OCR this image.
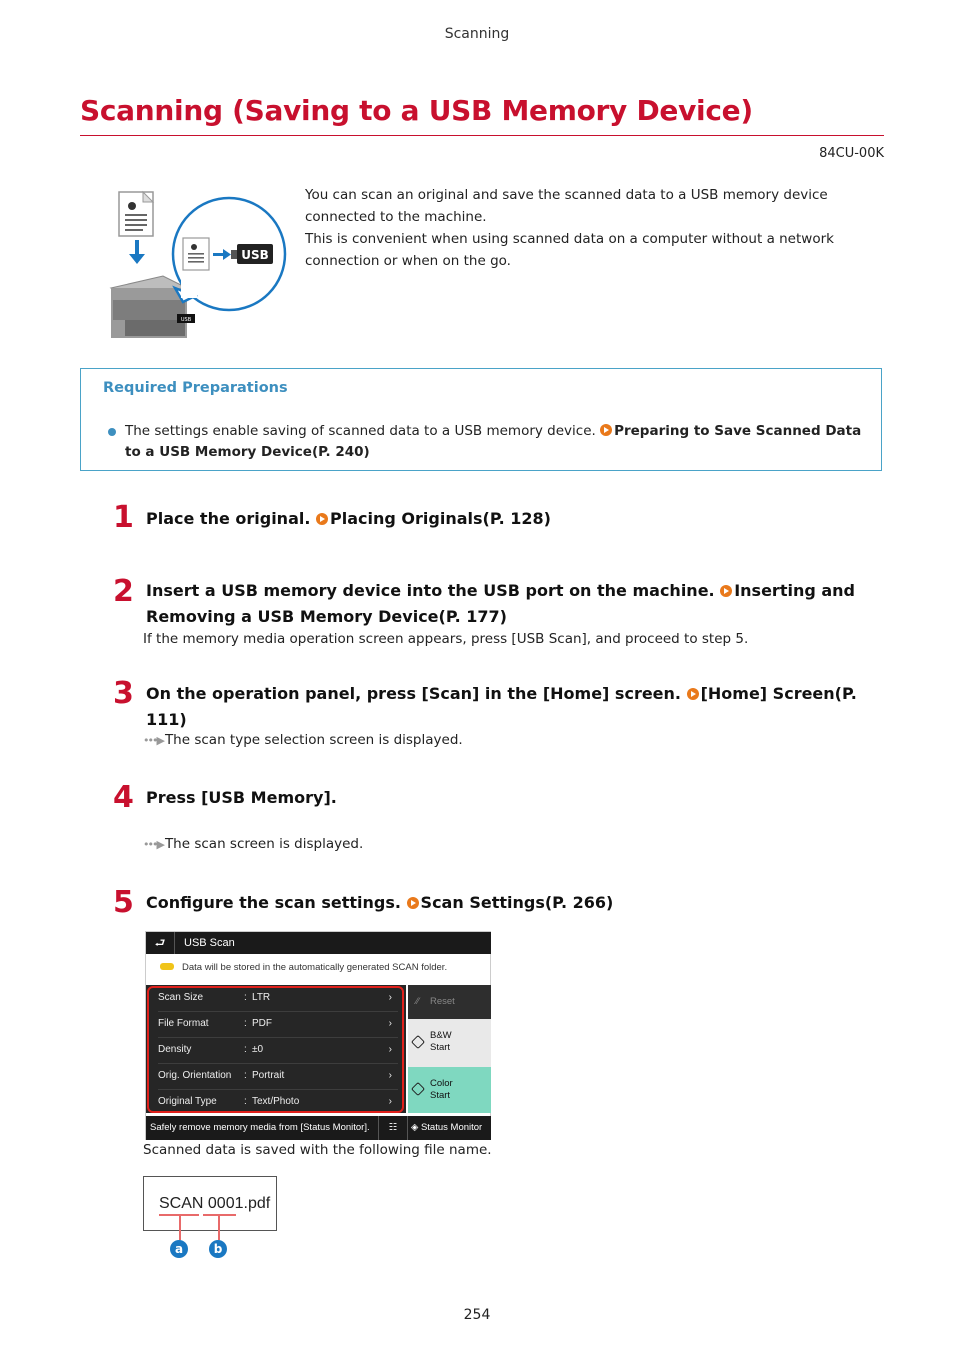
Scanning
Scanning (Saving to a USB Memory Device)
84CU-00K
USB
USB

You can scan an original and save the scanned data to a USB memory device connected to the machine.

This is convenient when using scanned data on a computer without a network connection or when on the go.

Required Preparations
The settings enable saving of scanned data to a USB memory device. Preparing to Save Scanned Data to a USB Memory Device(P. 240)
1 Place the original. Placing Originals(P. 128)
2 Insert a USB memory device into the USB port on the machine. Inserting and Removing a USB Memory Device(P. 177)
If the memory media operation screen appears, press [USB Scan], and proceed to step 5.
3 On the operation panel, press [Scan] in the [Home] screen. [Home] Screen(P. 111)
•••▶ The scan type selection screen is displayed.
4 Press [USB Memory].
•••▶ The scan screen is displayed.
5 Configure the scan settings. Scan Settings(P. 266)
⮐	USB Scan
Data will be stored in the automatically generated SCAN folder.
Scan Size	: LTR	›
File Format	: PDF	›
Density	: ±0	›
Orig. Orientation : Portrait	›
Original Type	: Text/Photo	›
⁄⁄ Reset
B&W
Start
Color
Start
Safely remove memory media from [Status Monitor].	☷	◈ Status Monitor
Scanned data is saved with the following file name.
SCAN 0001.pdf
a	b
254
